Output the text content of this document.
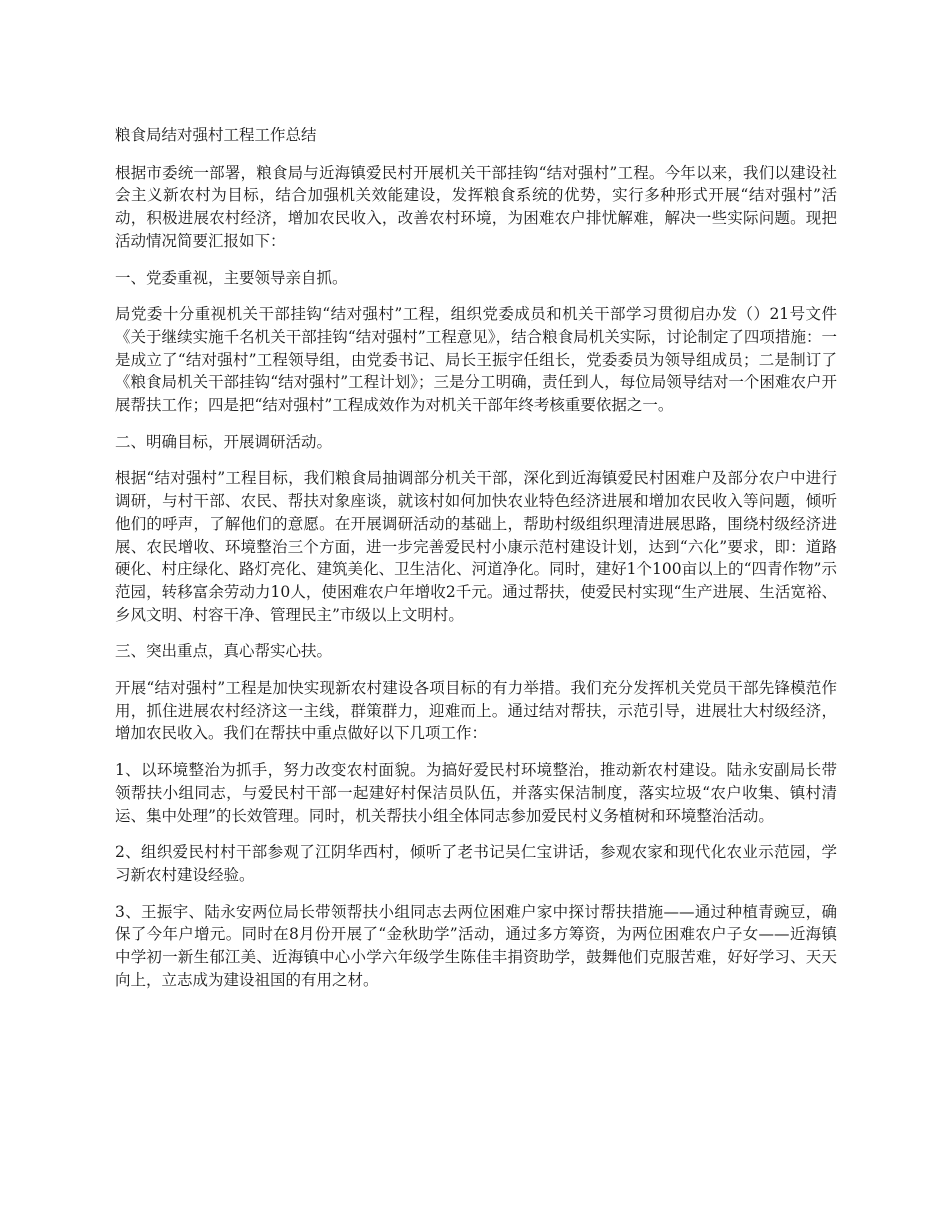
粮食局结对强村工程工作总结

根据市委统一部署，粮食局与近海镇爱民村开展机关干部挂钩“结对强村”工程。今年以来，我们以建设社会主义新农村为目标，结合加强机关效能建设，发挥粮食系统的优势，实行多种形式开展“结对强村”活动，积极进展农村经济，增加农民收入，改善农村环境，为困难农户排忧解难，解决一些实际问题。现把活动情况简要汇报如下：

一、党委重视，主要领导亲自抓。

局党委十分重视机关干部挂钩“结对强村”工程，组织党委成员和机关干部学习贯彻启办发（）21号文件《关于继续实施千名机关干部挂钩“结对强村”工程意见》，结合粮食局机关实际，讨论制定了四项措施：一是成立了“结对强村”工程领导组，由党委书记、局长王振宇任组长，党委委员为领导组成员；二是制订了《粮食局机关干部挂钩“结对强村”工程计划》；三是分工明确，责任到人，每位局领导结对一个困难农户开展帮扶工作；四是把“结对强村”工程成效作为对机关干部年终考核重要依据之一。

二、明确目标，开展调研活动。

根据“结对强村”工程目标，我们粮食局抽调部分机关干部，深化到近海镇爱民村困难户及部分农户中进行调研，与村干部、农民、帮扶对象座谈，就该村如何加快农业特色经济进展和增加农民收入等问题，倾听他们的呼声，了解他们的意愿。在开展调研活动的基础上，帮助村级组织理清进展思路，围绕村级经济进展、农民增收、环境整治三个方面，进一步完善爱民村小康示范村建设计划，达到“六化”要求，即：道路硬化、村庄绿化、路灯亮化、建筑美化、卫生洁化、河道净化。同时，建好1个100亩以上的“四青作物”示范园，转移富余劳动力10人，使困难农户年增收2千元。通过帮扶，使爱民村实现“生产进展、生活宽裕、乡风文明、村容干净、管理民主”市级以上文明村。

三、突出重点，真心帮实心扶。

开展“结对强村”工程是加快实现新农村建设各项目标的有力举措。我们充分发挥机关党员干部先锋模范作用，抓住进展农村经济这一主线，群策群力，迎难而上。通过结对帮扶，示范引导，进展壮大村级经济，增加农民收入。我们在帮扶中重点做好以下几项工作：

1、以环境整治为抓手，努力改变农村面貌。为搞好爱民村环境整治，推动新农村建设。陆永安副局长带领帮扶小组同志，与爱民村干部一起建好村保洁员队伍，并落实保洁制度，落实垃圾“农户收集、镇村清运、集中处理”的长效管理。同时，机关帮扶小组全体同志参加爱民村义务植树和环境整治活动。

2、组织爱民村村干部参观了江阴华西村，倾听了老书记吴仁宝讲话，参观农家和现代化农业示范园，学习新农村建设经验。

3、王振宇、陆永安两位局长带领帮扶小组同志去两位困难户家中探讨帮扶措施——通过种植青豌豆，确保了今年户增元。同时在8月份开展了“金秋助学”活动，通过多方筹资，为两位困难农户子女——近海镇中学初一新生郁江美、近海镇中心小学六年级学生陈佳丰捐资助学，鼓舞他们克服苦难，好好学习、天天向上，立志成为建设祖国的有用之材。
